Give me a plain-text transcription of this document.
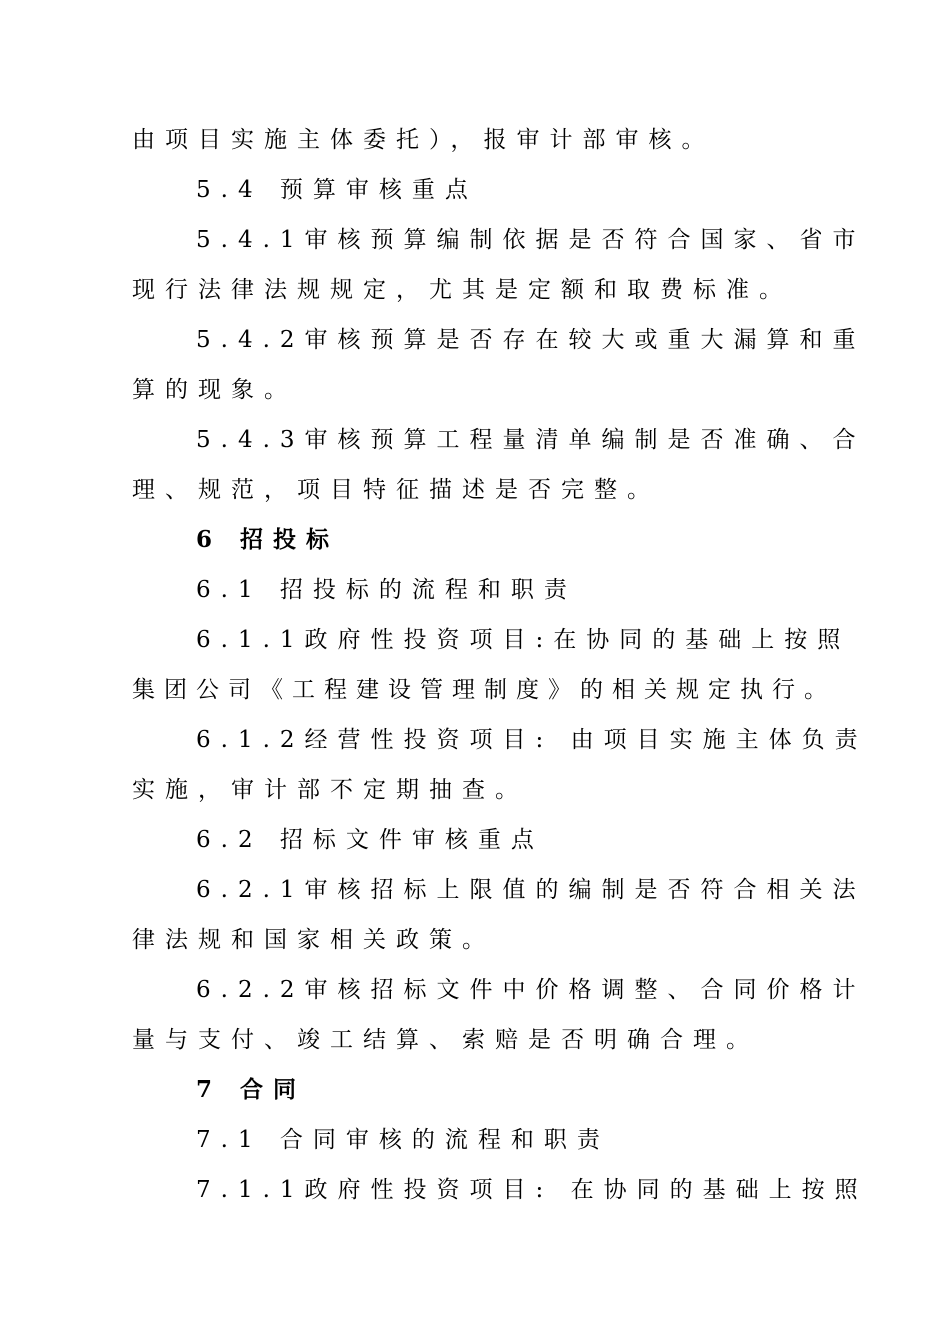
由项目实施主体委托），报审计部审核。
5.4 预算审核重点
5.4.1审核预算编制依据是否符合国家、省市
现行法律法规规定，尤其是定额和取费标准。
5.4.2审核预算是否存在较大或重大漏算和重
算的现象。
5.4.3审核预算工程量清单编制是否准确、合
理、规范，项目特征描述是否完整。
6 招投标
6.1 招投标的流程和职责
6.1.1政府性投资项目:在协同的基础上按照
集团公司《工程建设管理制度》的相关规定执行。
6.1.2经营性投资项目: 由项目实施主体负责
实施，审计部不定期抽查。
6.2 招标文件审核重点
6.2.1审核招标上限值的编制是否符合相关法
律法规和国家相关政策。
6.2.2审核招标文件中价格调整、合同价格计
量与支付、竣工结算、索赔是否明确合理。
7 合同
7.1 合同审核的流程和职责
7.1.1政府性投资项目: 在协同的基础上按照
